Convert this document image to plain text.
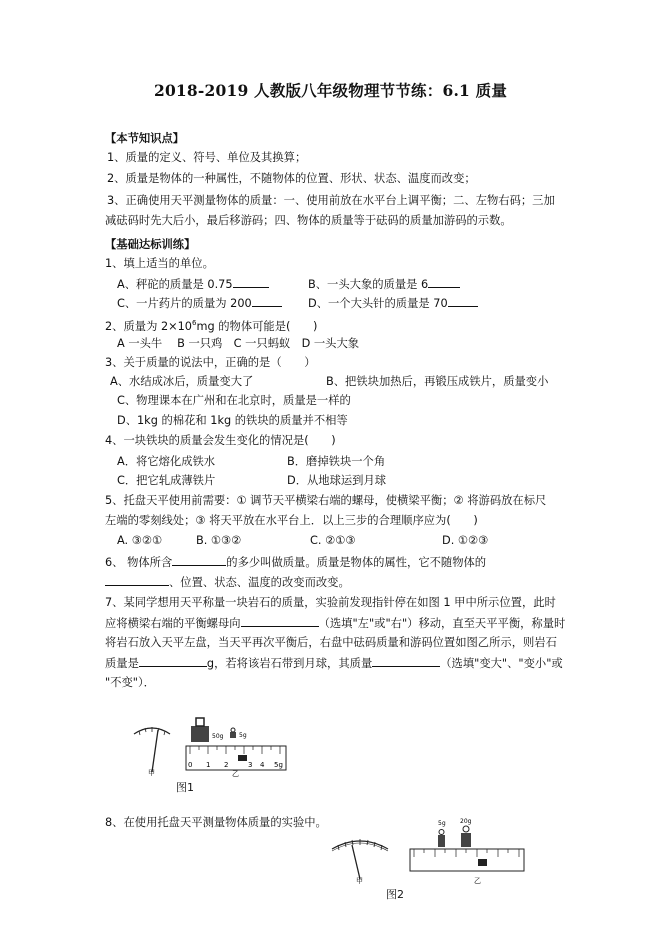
2018-2019 人教版八年级物理节节练：6.1 质量
【本节知识点】
1、质量的定义、符号、单位及其换算；
2、质量是物体的一种属性，不随物体的位置、形状、状态、温度而改变；
3、正确使用天平测量物体的质量：一、使用前放在水平台上调平衡；二、左物右码；三加
减砝码时先大后小，最后移游码；四、物体的质量等于砝码的质量加游码的示数。
【基础达标训练】
1、填上适当的单位。
A、秤砣的质量是 0.75	B、一头大象的质量是 6
C、一片药片的质量为 200	D、一个大头针的质量是 70
2、质量为 $2\times 10^6mg$ 的物体可能是(　　)
A 一头牛　 B 一只鸡　C 一只蚂蚁　D 一头大象
3、关于质量的说法中，正确的是（　　）
A、水结成冰后，质量变大了	B、把铁块加热后，再锻压成铁片，质量变小
C、物理课本在广州和在北京时，质量是一样的
D、1kg 的棉花和 1kg 的铁块的质量并不相等
4、一块铁块的质量会发生变化的情况是(　　)
A．将它熔化成铁水	B．磨掉铁块一个角
C．把它轧成薄铁片	D．从地球运到月球
5、托盘天平使用前需要：① 调节天平横梁右端的螺母，使横梁平衡；② 将游码放在标尺
左端的零刻线处；③ 将天平放在水平台上．以上三步的合理顺序应为(　　)
A. ③②①	B. ①③②	C. ②①③	D. ①②③
6、 物体所含	的多少叫做质量。质量是物体的属性，它不随物体的
、位置、状态、温度的改变而改变。
7、某同学想用天平称量一块岩石的质量，实验前发现指针停在如图 1 甲中所示位置，此时
应将横梁右端的平衡螺母向	（选填"左"或"右"）移动，直至天平平衡，称量时
将岩石放入天平左盘，当天平再次平衡后，右盘中砝码质量和游码位置如图乙所示，则岩石
质量是	g，若将该岩石带到月球，其质量	（选填"变大"、"变小"或
"不变"）．
甲
50g	5g
0 1 2	3 4 5g
乙
图1
8、在使用托盘天平测量物体质量的实验中。
甲
5g 20g
乙
图2
